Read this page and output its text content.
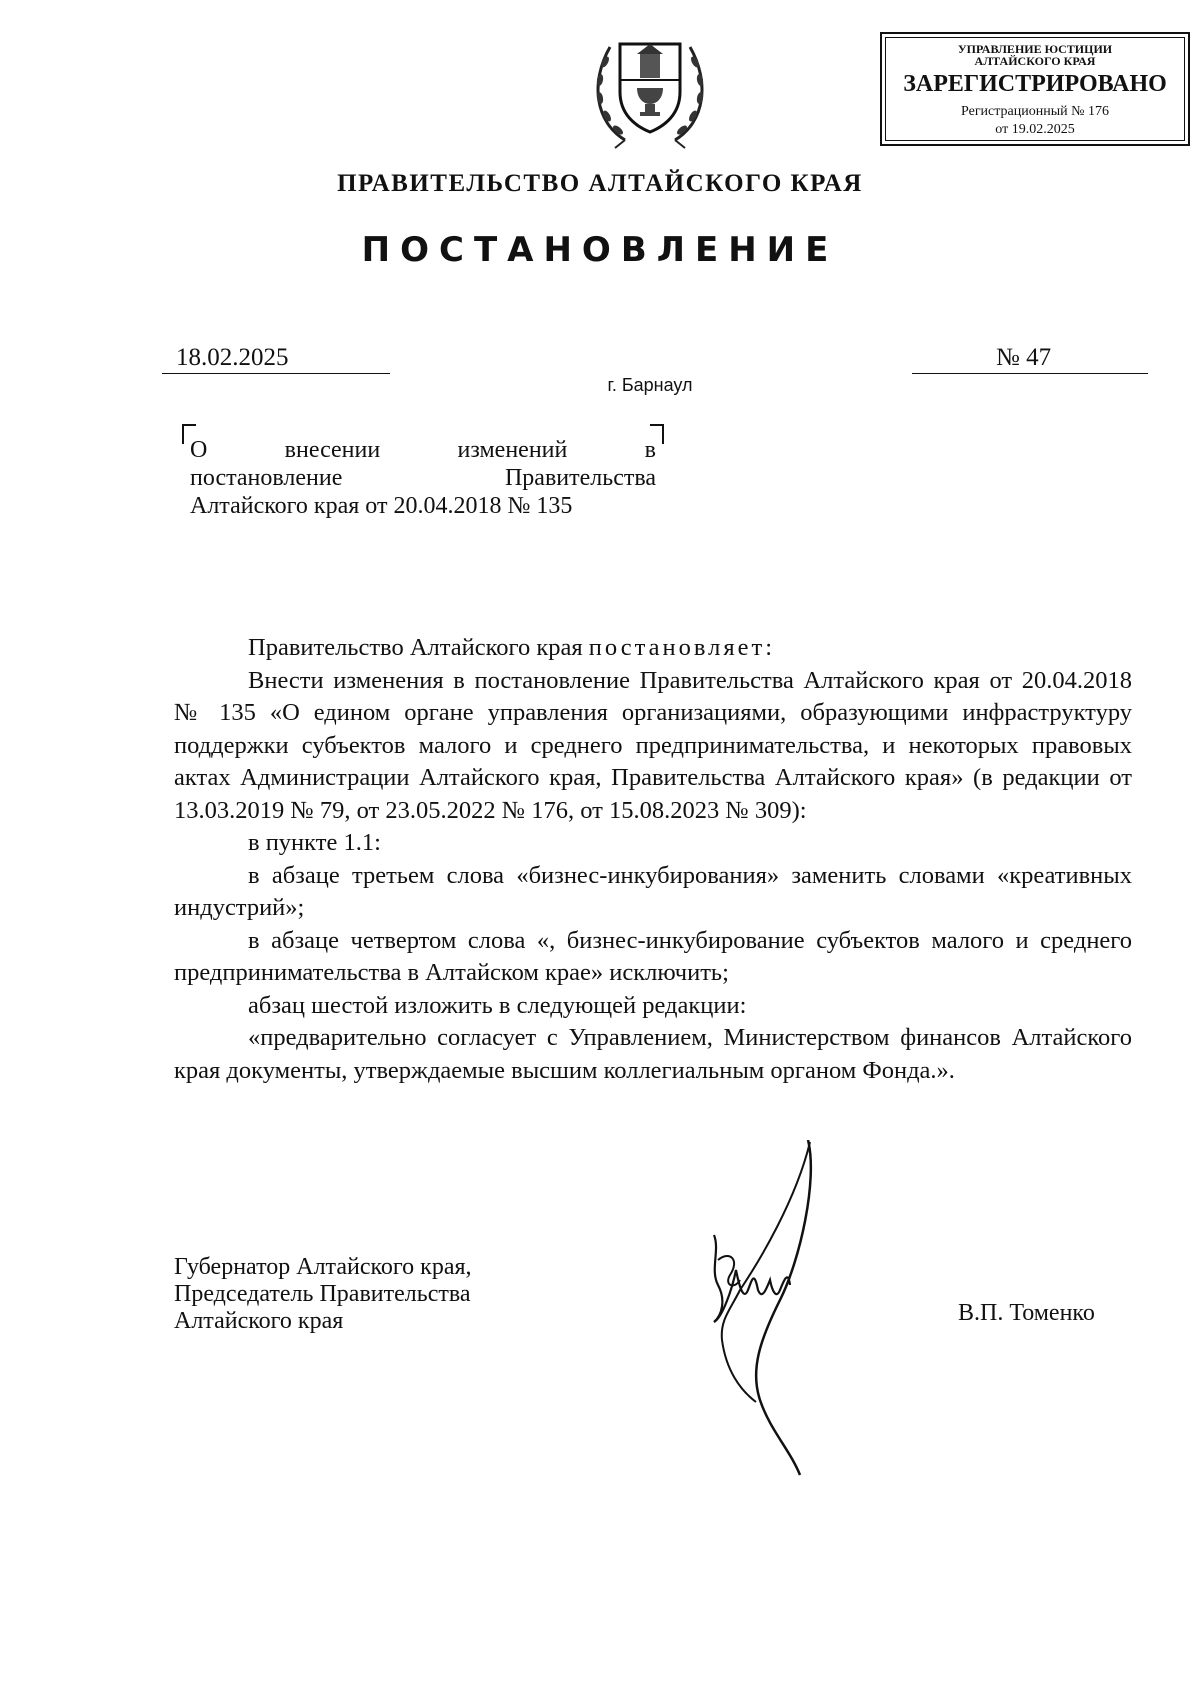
УПРАВЛЕНИЕ ЮСТИЦИИ
АЛТАЙСКОГО КРАЯ
ЗАРЕГИСТРИРОВАНО
Регистрационный № 176
от 19.02.2025
ПРАВИТЕЛЬСТВО АЛТАЙСКОГО КРАЯ
ПОСТАНОВЛЕНИЕ
18.02.2025	№ 47
г. Барнаул
О внесении изменений в
постановление Правительства
Алтайского края от 20.04.2018 № 135

Правительство Алтайского края постановляет:

Внести изменения в постановление Правительства Алтайского края от 20.04.2018 № 135 «О едином органе управления организациями, образующими инфраструктуру поддержки субъектов малого и среднего предпринимательства, и некоторых правовых актах Администрации Алтайского края, Правительства Алтайского края» (в редакции от 13.03.2019 № 79, от 23.05.2022 № 176, от 15.08.2023 № 309):

в пункте 1.1:

в абзаце третьем слова «бизнес-инкубирования» заменить словами «креативных индустрий»;

в абзаце четвертом слова «, бизнес-инкубирование субъектов малого и среднего предпринимательства в Алтайском крае» исключить;

абзац шестой изложить в следующей редакции:

«предварительно согласует с Управлением, Министерством финансов Алтайского края документы, утверждаемые высшим коллегиальным органом Фонда.».

Губернатор Алтайского края,
Председатель Правительства
Алтайского края	В.П. Томенко
